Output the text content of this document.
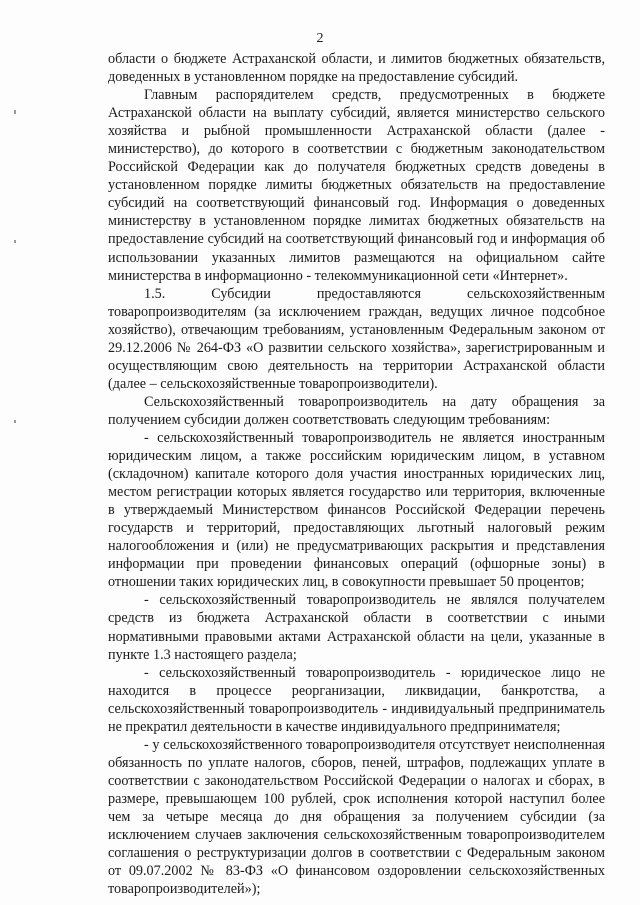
2

области о бюджете Астраханской области, и лимитов бюджетных обязательств, доведенных в установленном порядке на предоставление субсидий.

Главным распорядителем средств, предусмотренных в бюджете Астраханской области на выплату субсидий, является министерство сельского хозяйства и рыбной промышленности Астраханской области (далее - министерство), до которого в соответствии с бюджетным законодательством Российской Федерации как до получателя бюджетных средств доведены в установленном порядке лимиты бюджетных обязательств на предоставление субсидий на соответствующий финансовый год. Информация о доведенных министерству в установленном порядке лимитах бюджетных обязательств на предоставление субсидий на соответствующий финансовый год и информация об использовании указанных лимитов размещаются на официальном сайте министерства в информационно - телекоммуникационной сети «Интернет».

1.5. Субсидии предоставляются сельскохозяйственным товаропроизводителям (за исключением граждан, ведущих личное подсобное хозяйство), отвечающим требованиям, установленным Федеральным законом от 29.12.2006 № 264-ФЗ «О развитии сельского хозяйства», зарегистрированным и осуществляющим свою деятельность на территории Астраханской области (далее – сельскохозяйственные товаропроизводители).

Сельскохозяйственный товаропроизводитель на дату обращения за получением субсидии должен соответствовать следующим требованиям:

- сельскохозяйственный товаропроизводитель не является иностранным юридическим лицом, а также российским юридическим лицом, в уставном (складочном) капитале которого доля участия иностранных юридических лиц, местом регистрации которых является государство или территория, включенные в утверждаемый Министерством финансов Российской Федерации перечень государств и территорий, предоставляющих льготный налоговый режим налогообложения и (или) не предусматривающих раскрытия и представления информации при проведении финансовых операций (офшорные зоны) в отношении таких юридических лиц, в совокупности превышает 50 процентов;

- сельскохозяйственный товаропроизводитель не являлся получателем средств из бюджета Астраханской области в соответствии с иными нормативными правовыми актами Астраханской области на цели, указанные в пункте 1.3 настоящего раздела;

- сельскохозяйственный товаропроизводитель - юридическое лицо не находится в процессе реорганизации, ликвидации, банкротства, а сельскохозяйственный товаропроизводитель - индивидуальный предприниматель не прекратил деятельности в качестве индивидуального предпринимателя;

- у сельскохозяйственного товаропроизводителя отсутствует неисполненная обязанность по уплате налогов, сборов, пеней, штрафов, подлежащих уплате в соответствии с законодательством Российской Федерации о налогах и сборах, в размере, превышающем 100 рублей, срок исполнения которой наступил более чем за четыре месяца до дня обращения за получением субсидии (за исключением случаев заключения сельскохозяйственным товаропроизводителем соглашения о реструктуризации долгов в соответствии с Федеральным законом от 09.07.2002 № 83-ФЗ «О финансовом оздоровлении сельскохозяйственных товаропроизводителей»);
